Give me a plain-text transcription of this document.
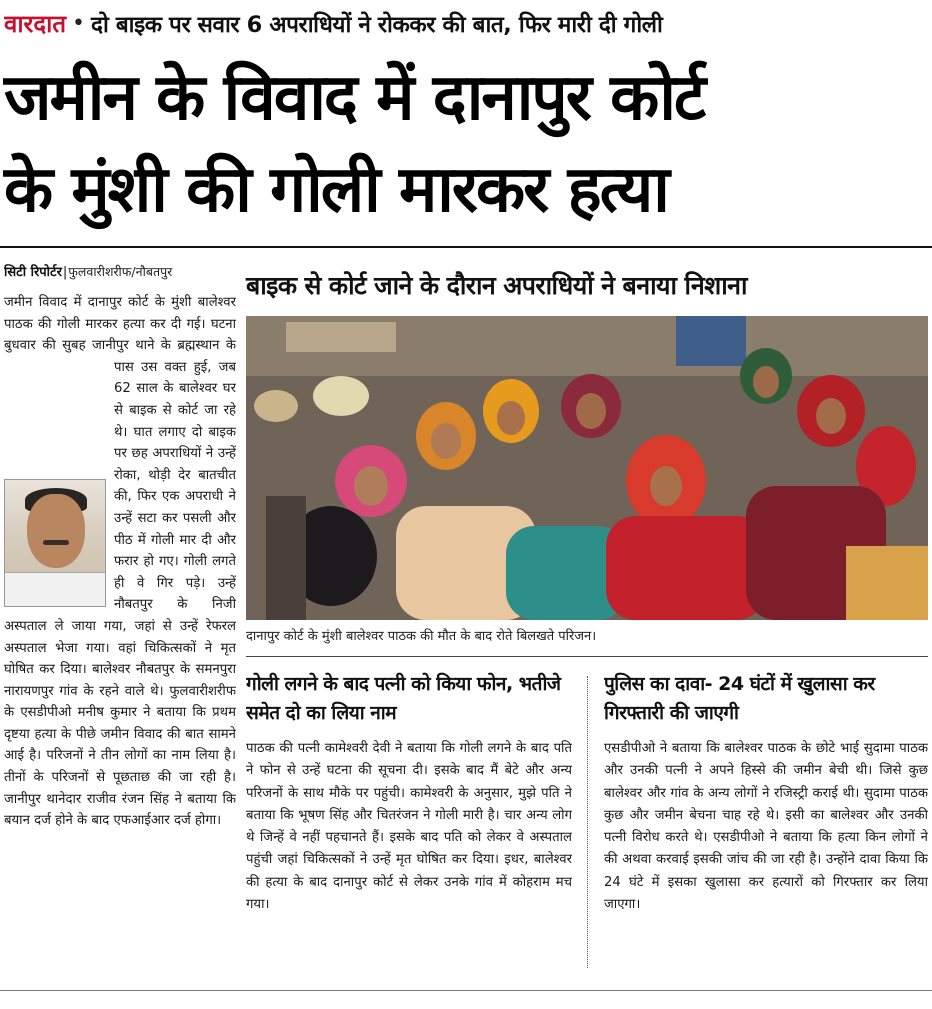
वारदात • दो बाइक पर सवार 6 अपराधियों ने रोककर की बात, फिर मारी दी गोली
जमीन के विवाद में दानापुर कोर्ट
के मुंशी की गोली मारकर हत्या
सिटी रिपोर्टर|फुलवारीशरीफ/नौबतपुर
जमीन विवाद में दानापुर कोर्ट के मुंशी बालेश्वर पाठक की गोली मारकर हत्या कर दी गई। घटना बुधवार की सुबह जानीपुर थाने के ब्रह्मस्थान के
पास उस वक्त हुई, जब 62 साल के बालेश्वर घर से बाइक से कोर्ट जा रहे थे। घात लगाए दो बाइक पर छह अपराधियों ने उन्हें रोका, थोड़ी देर बातचीत की, फिर एक अपराधी ने उन्हें सटा कर पसली और पीठ में गोली मार दी और फरार हो गए। गोली लगते ही वे गिर पड़े। उन्हें नौबतपुर के निजी अस्पताल ले जाया गया, जहां से उन्हें रेफरल अस्पताल भेजा गया। वहां चिकित्सकों ने मृत घोषित कर दिया। बालेश्वर नौबतपुर के समनपुरा नारायणपुर गांव के रहने वाले थे। फुलवारीशरीफ के एसडीपीओ मनीष कुमार ने बताया कि प्रथम दृष्टया हत्या के पीछे जमीन विवाद की बात सामने आई है। परिजनों ने तीन लोगों का नाम लिया है। तीनों के परिजनों से पूछताछ की जा रही है। जानीपुर थानेदार राजीव रंजन सिंह ने बताया कि बयान दर्ज होने के बाद एफआईआर दर्ज होगा।
बाइक से कोर्ट जाने के दौरान अपराधियों ने बनाया निशाना
दानापुर कोर्ट के मुंशी बालेश्वर पाठक की मौत के बाद रोते बिलखते परिजन।
गोली लगने के बाद पत्नी को किया फोन, भतीजे समेत दो का लिया नाम

पाठक की पत्नी कामेश्वरी देवी ने बताया कि गोली लगने के बाद पति ने फोन से उन्हें घटना की सूचना दी। इसके बाद मैं बेटे और अन्य परिजनों के साथ मौके पर पहुंची। कामेश्वरी के अनुसार, मुझे पति ने बताया कि भूषण सिंह और चितरंजन ने गोली मारी है। चार अन्य लोग थे जिन्हें वे नहीं पहचानते हैं। इसके बाद पति को लेकर वे अस्पताल पहुंची जहां चिकित्सकों ने उन्हें मृत घोषित कर दिया। इधर, बालेश्वर की हत्या के बाद दानापुर कोर्ट से लेकर उनके गांव में कोहराम मच गया।

पुलिस का दावा- 24 घंटों में खुलासा कर गिरफ्तारी की जाएगी

एसडीपीओ ने बताया कि बालेश्वर पाठक के छोटे भाई सुदामा पाठक और उनकी पत्नी ने अपने हिस्से की जमीन बेची थी। जिसे कुछ बालेश्वर और गांव के अन्य लोगों ने रजिस्ट्री कराई थी। सुदामा पाठक कुछ और जमीन बेचना चाह रहे थे। इसी का बालेश्वर और उनकी पत्नी विरोध करते थे। एसडीपीओ ने बताया कि हत्या किन लोगों ने की अथवा करवाई इसकी जांच की जा रही है। उन्होंने दावा किया कि 24 घंटे में इसका खुलासा कर हत्यारों को गिरफ्तार कर लिया जाएगा।
